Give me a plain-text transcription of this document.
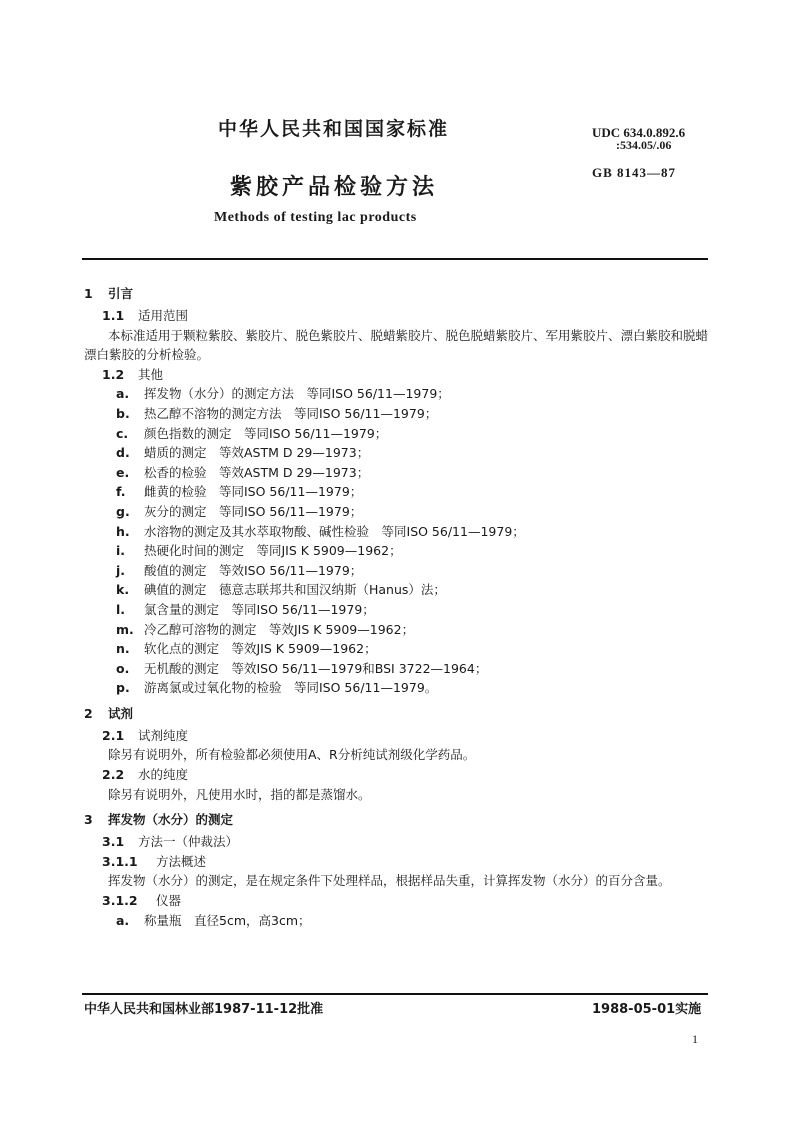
中华人民共和国国家标准	UDC 634.0.892.6
:534.05/.06
紫胶产品检验方法
GB 8143—87
Methods of testing lac products
1 引言
1.1 适用范围
本标准适用于颗粒紫胶、紫胶片、脱色紫胶片、脱蜡紫胶片、脱色脱蜡紫胶片、军用紫胶片、漂白紫胶和脱蜡漂白紫胶的分析检验。
1.2 其他
a. 挥发物（水分）的测定方法　等同ISO 56/11—1979；
b. 热乙醇不溶物的测定方法　等同ISO 56/11—1979；
c. 颜色指数的测定　等同ISO 56/11—1979；
d. 蜡质的测定　等效ASTM D 29—1973；
e. 松香的检验　等效ASTM D 29—1973；
f. 雌黄的检验　等同ISO 56/11—1979；
g. 灰分的测定　等同ISO 56/11—1979；
h. 水溶物的测定及其水萃取物酸、碱性检验　等同ISO 56/11—1979；
i. 热硬化时间的测定　等同JIS K 5909—1962；
j. 酸值的测定　等效ISO 56/11—1979；
k. 碘值的测定　德意志联邦共和国汉纳斯（Hanus）法；
l. 氯含量的测定　等同ISO 56/11—1979；
m. 冷乙醇可溶物的测定　等效JIS K 5909—1962；
n. 软化点的测定　等效JIS K 5909—1962；
o. 无机酸的测定　等效ISO 56/11—1979和BSI 3722—1964；
p. 游离氯或过氧化物的检验　等同ISO 56/11—1979。
2 试剂
2.1 试剂纯度
除另有说明外，所有检验都必须使用A、R分析纯试剂级化学药品。
2.2 水的纯度
除另有说明外，凡使用水时，指的都是蒸馏水。
3 挥发物（水分）的测定
3.1 方法一（仲裁法）
3.1.1 方法概述
挥发物（水分）的测定，是在规定条件下处理样品，根据样品失重，计算挥发物（水分）的百分含量。
3.1.2 仪器
a. 称量瓶　直径5cm，高3cm；
中华人民共和国林业部1987-11-12批准	1988-05-01实施
1
